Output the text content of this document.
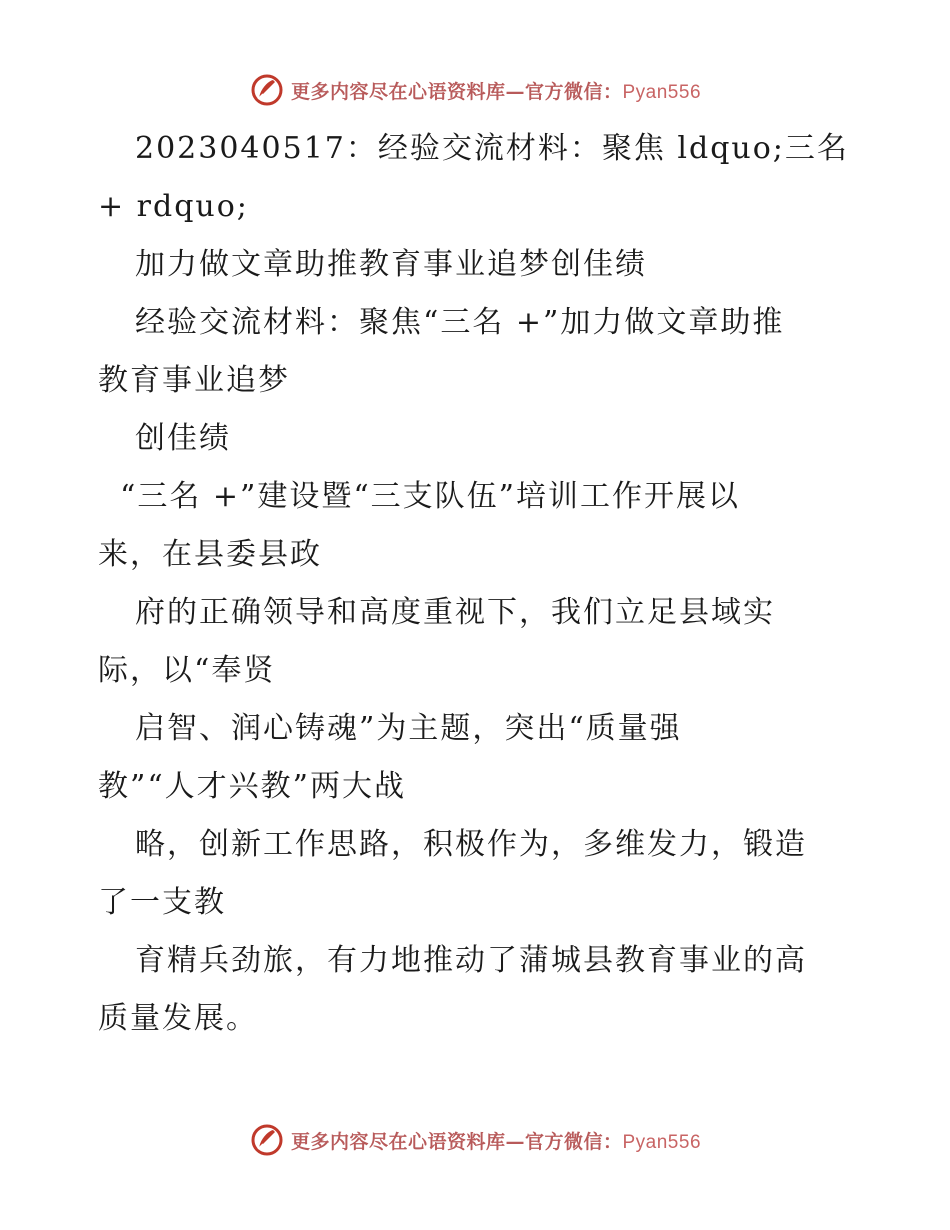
更多内容尽在心语资料库—官方微信：Pyan556
2023040517：经验交流材料：聚焦 ldquo;三名
+ rdquo;
加力做文章助推教育事业追梦创佳绩
经验交流材料：聚焦“三名 +”加力做文章助推
教育事业追梦
创佳绩
“三名 +”建设暨“三支队伍”培训工作开展以
来，在县委县政
府的正确领导和高度重视下，我们立足县域实
际，以“奉贤
启智、润心铸魂”为主题，突出“质量强
教”“人才兴教”两大战
略，创新工作思路，积极作为，多维发力，锻造
了一支教
育精兵劲旅，有力地推动了蒲城县教育事业的高
质量发展。
更多内容尽在心语资料库—官方微信：Pyan556
